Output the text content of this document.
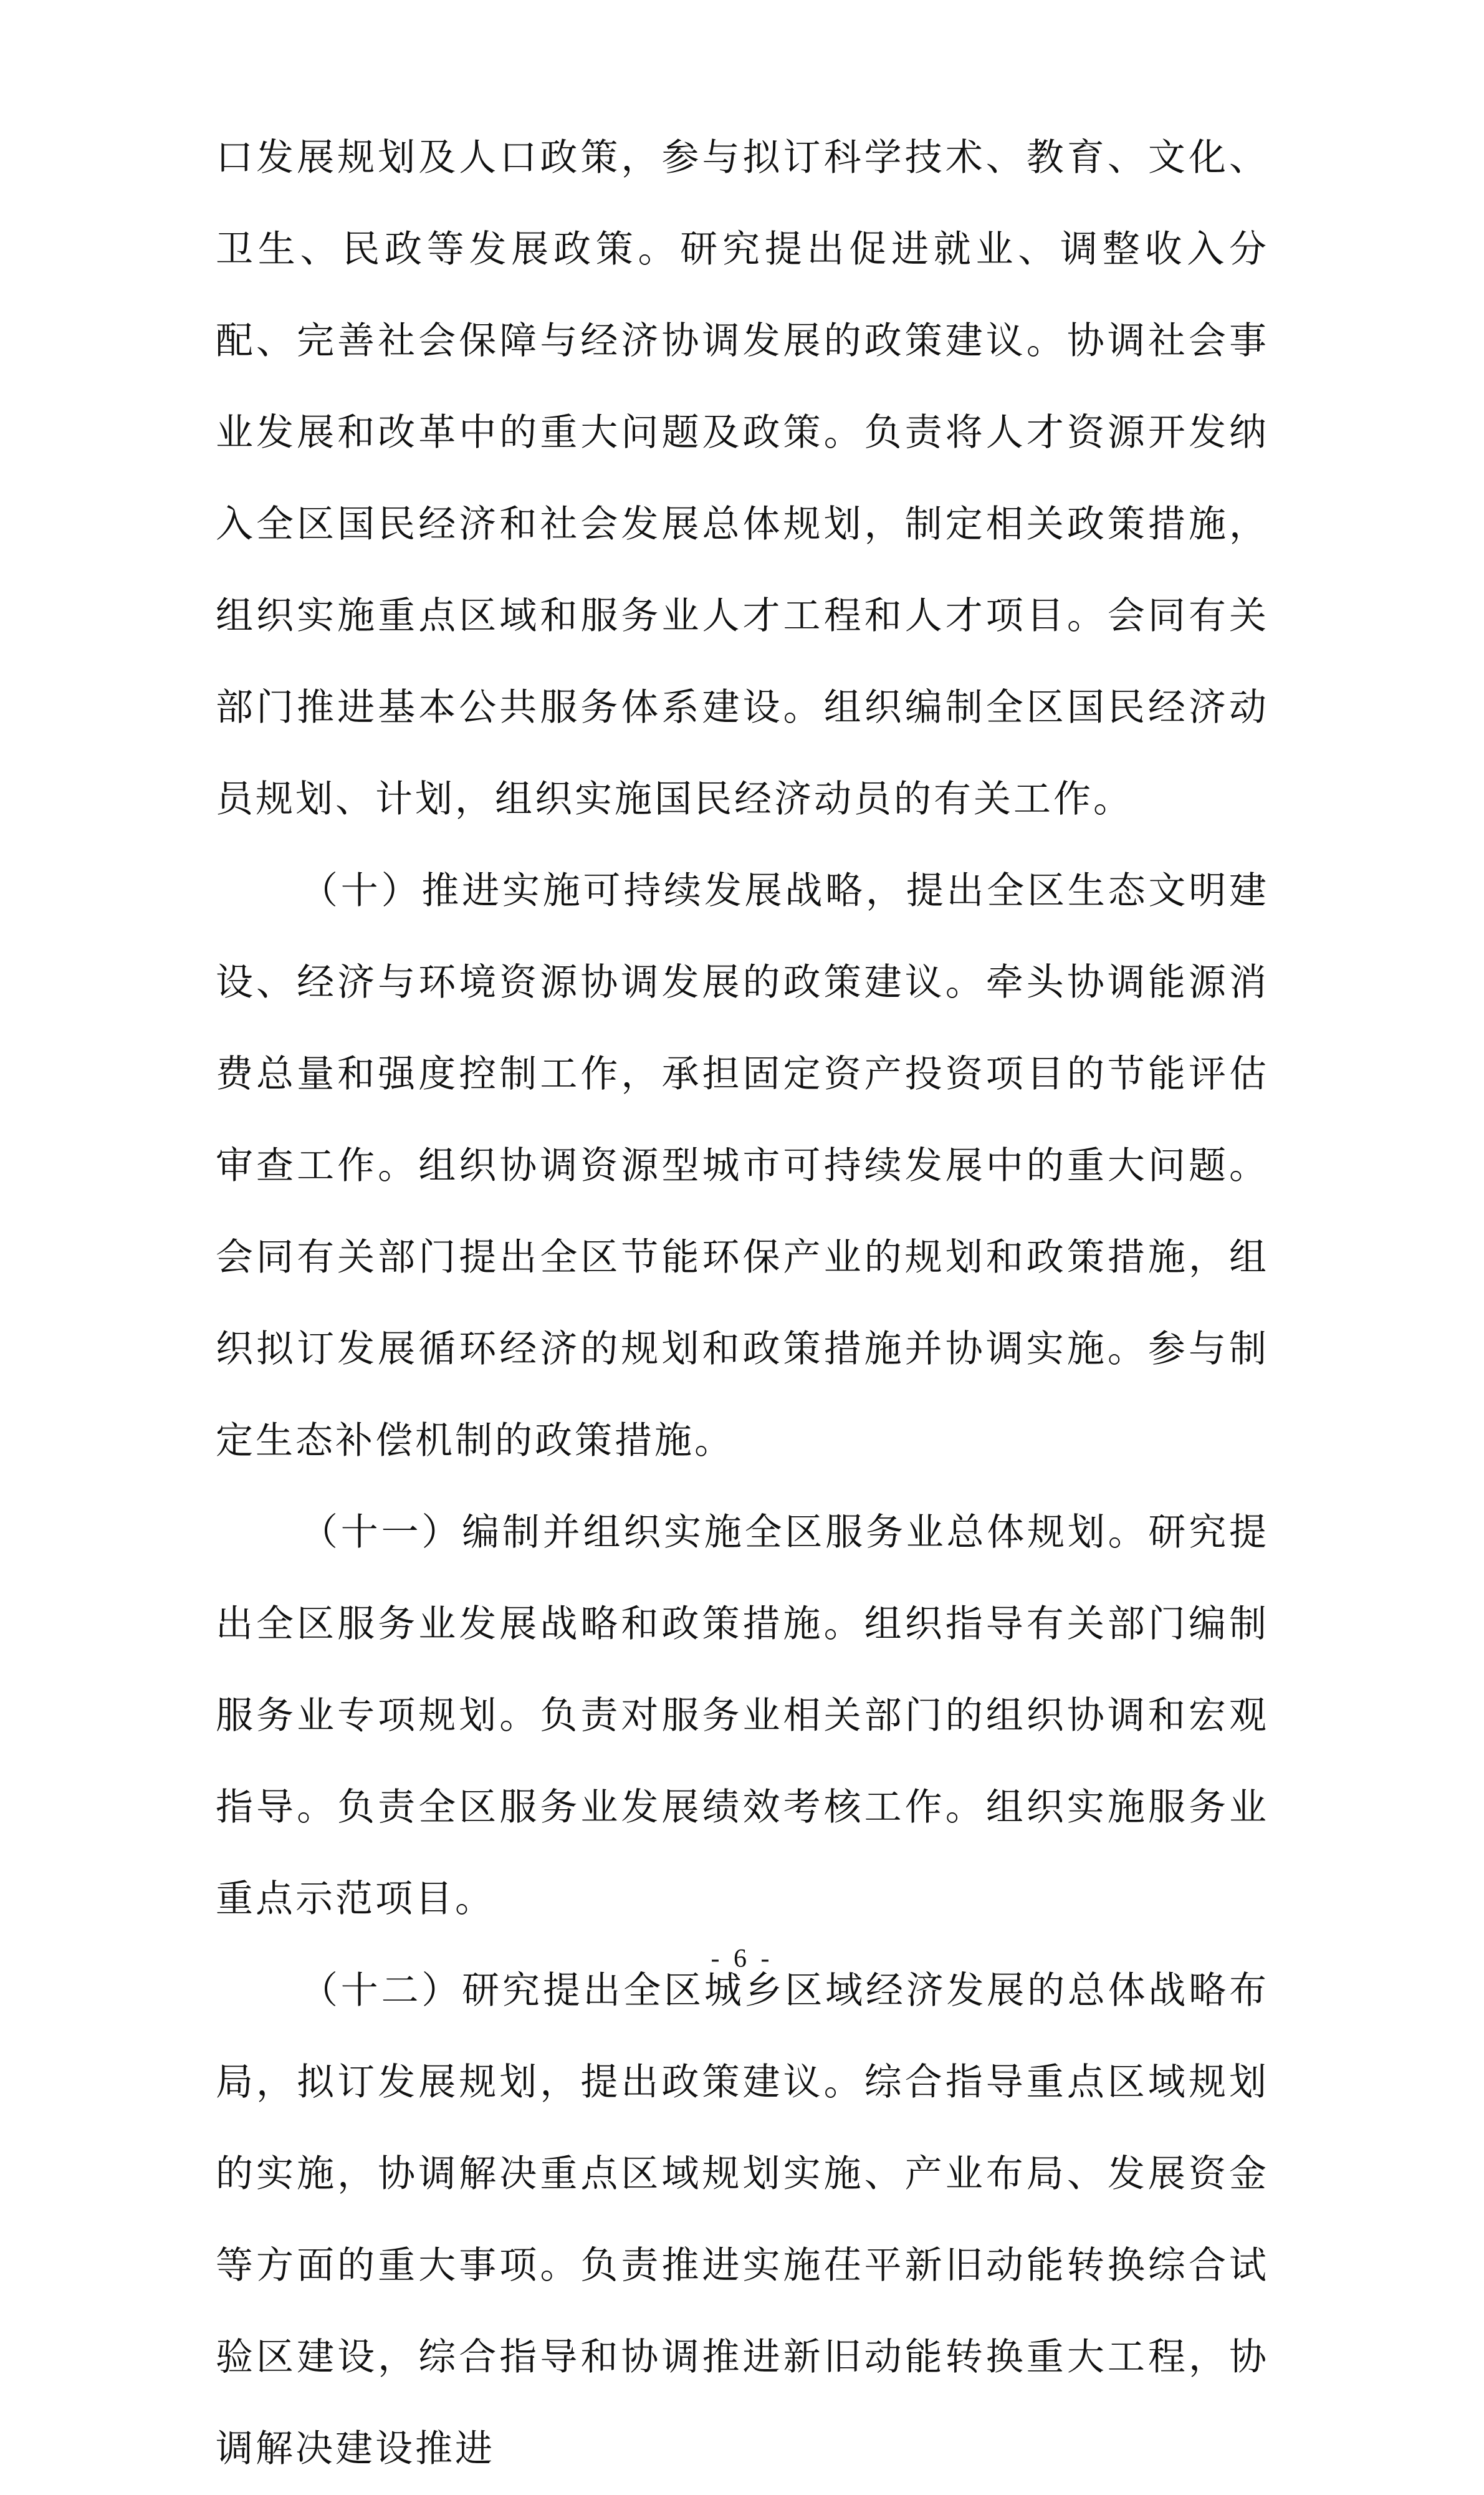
口发展规划及人口政策，参与拟订科学技术、教育、文化、卫生、民政等发展政策。研究提出促进就业、调整收入分配、完善社会保障与经济协调发展的政策建议。协调社会事业发展和改革中的重大问题及政策。负责将人才资源开发纳入全区国民经济和社会发展总体规划，制定相关政策措施，组织实施重点区域和服务业人才工程和人才项目。会同有关部门推进基本公共服务体系建设。组织编制全区国民经济动员规划、计划，组织实施国民经济动员的有关工作。

（十）推进实施可持续发展战略，提出全区生态文明建设、经济与环境资源协调发展的政策建议。牵头协调能源消费总量和强度控制工作，承担固定资产投资项目的节能评估审查工作。组织协调资源型城市可持续发展中的重大问题。会同有关部门提出全区节能环保产业的规划和政策措施，组织拟订发展循环经济的规划和政策措施并协调实施。参与制定生态补偿机制的政策措施。

（十一）编制并组织实施全区服务业总体规划。研究提出全区服务业发展战略和政策措施。组织指导有关部门编制服务业专项规划。负责对服务业相关部门的组织协调和宏观指导。负责全区服务业发展绩效考核工作。组织实施服务业重点示范项目。

（十二）研究提出全区城乡区域经济发展的总体战略布局，拟订发展规划，提出政策建议。综合指导重点区域规划的实施，协调解决重点区域规划实施、产业布局、发展资金等方面的重大事项。负责推进实施茌平新旧动能转换综合试验区建设，综合指导和协调推进新旧动能转换重大工程，协调解决建设推进

- 6 -
